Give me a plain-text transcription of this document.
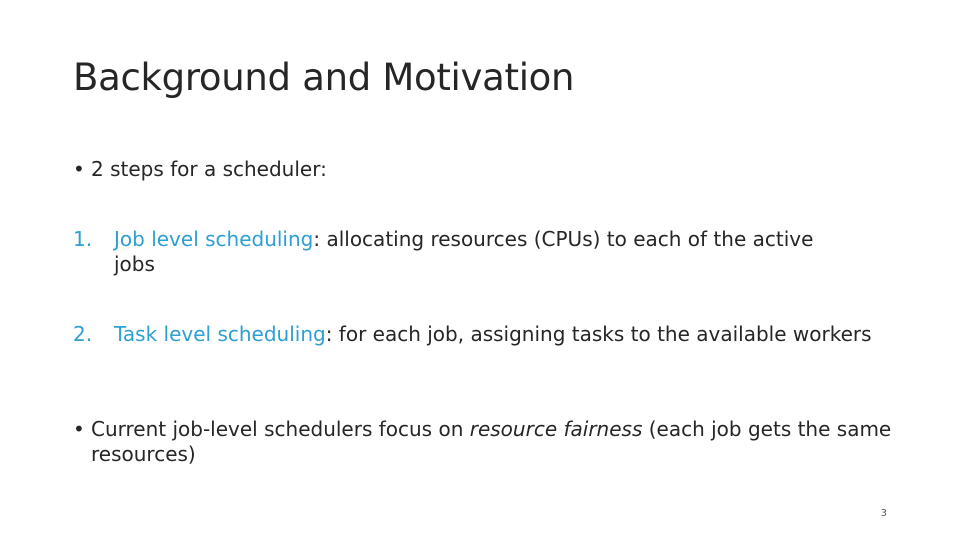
Background and Motivation
• 2 steps for a scheduler:
1. Job level scheduling: allocating resources (CPUs) to each of the active jobs
2. Task level scheduling: for each job, assigning tasks to the available workers
• Current job-level schedulers focus on resource fairness (each job gets the same resources)
3
